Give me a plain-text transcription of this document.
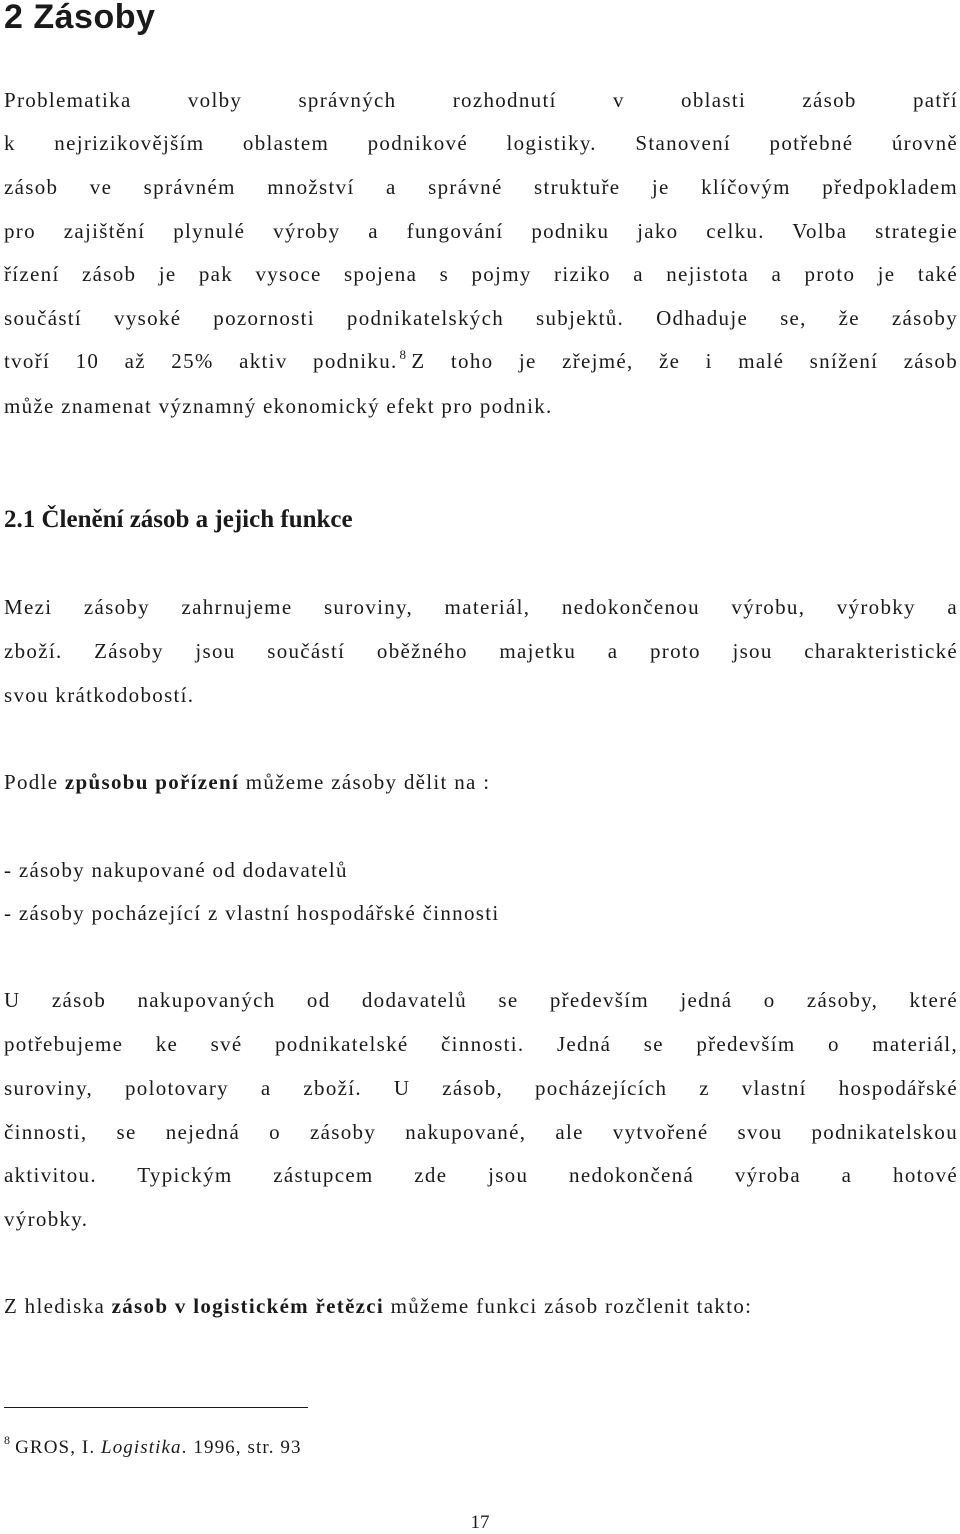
2 Zásoby
Problematika volby správných rozhodnutí v oblasti zásob patří
k nejrizikovějším oblastem podnikové logistiky. Stanovení potřebné úrovně
zásob ve správném množství a správné struktuře je klíčovým předpokladem
pro zajištění plynulé výroby a fungování podniku jako celku. Volba strategie
řízení zásob je pak vysoce spojena s pojmy riziko a nejistota a proto je také
součástí vysoké pozornosti podnikatelských subjektů. Odhaduje se, že zásoby
tvoří 10 až 25% aktiv podniku. $^8$ Z toho je zřejmé, že i malé snížení zásob
může znamenat významný ekonomický efekt pro podnik.
2.1 Členění zásob a jejich funkce
Mezi zásoby zahrnujeme suroviny, materiál, nedokončenou výrobu, výrobky a
zboží. Zásoby jsou součástí oběžného majetku a proto jsou charakteristické
svou krátkodobostí.
Podle způsobu pořízení můžeme zásoby dělit na :
- zásoby nakupované od dodavatelů
- zásoby pocházející z vlastní hospodářské činnosti
U zásob nakupovaných od dodavatelů se především jedná o zásoby, které
potřebujeme ke své podnikatelské činnosti. Jedná se především o materiál,
suroviny, polotovary a zboží. U zásob, pocházejících z vlastní hospodářské
činnosti, se nejedná o zásoby nakupované, ale vytvořené svou podnikatelskou
aktivitou. Typickým zástupcem zde jsou nedokončená výroba a hotové
výrobky.
Z hlediska zásob v logistickém řetězci můžeme funkci zásob rozčlenit takto:
$^8$ GROS, I. Logistika. 1996, str. 93
17
